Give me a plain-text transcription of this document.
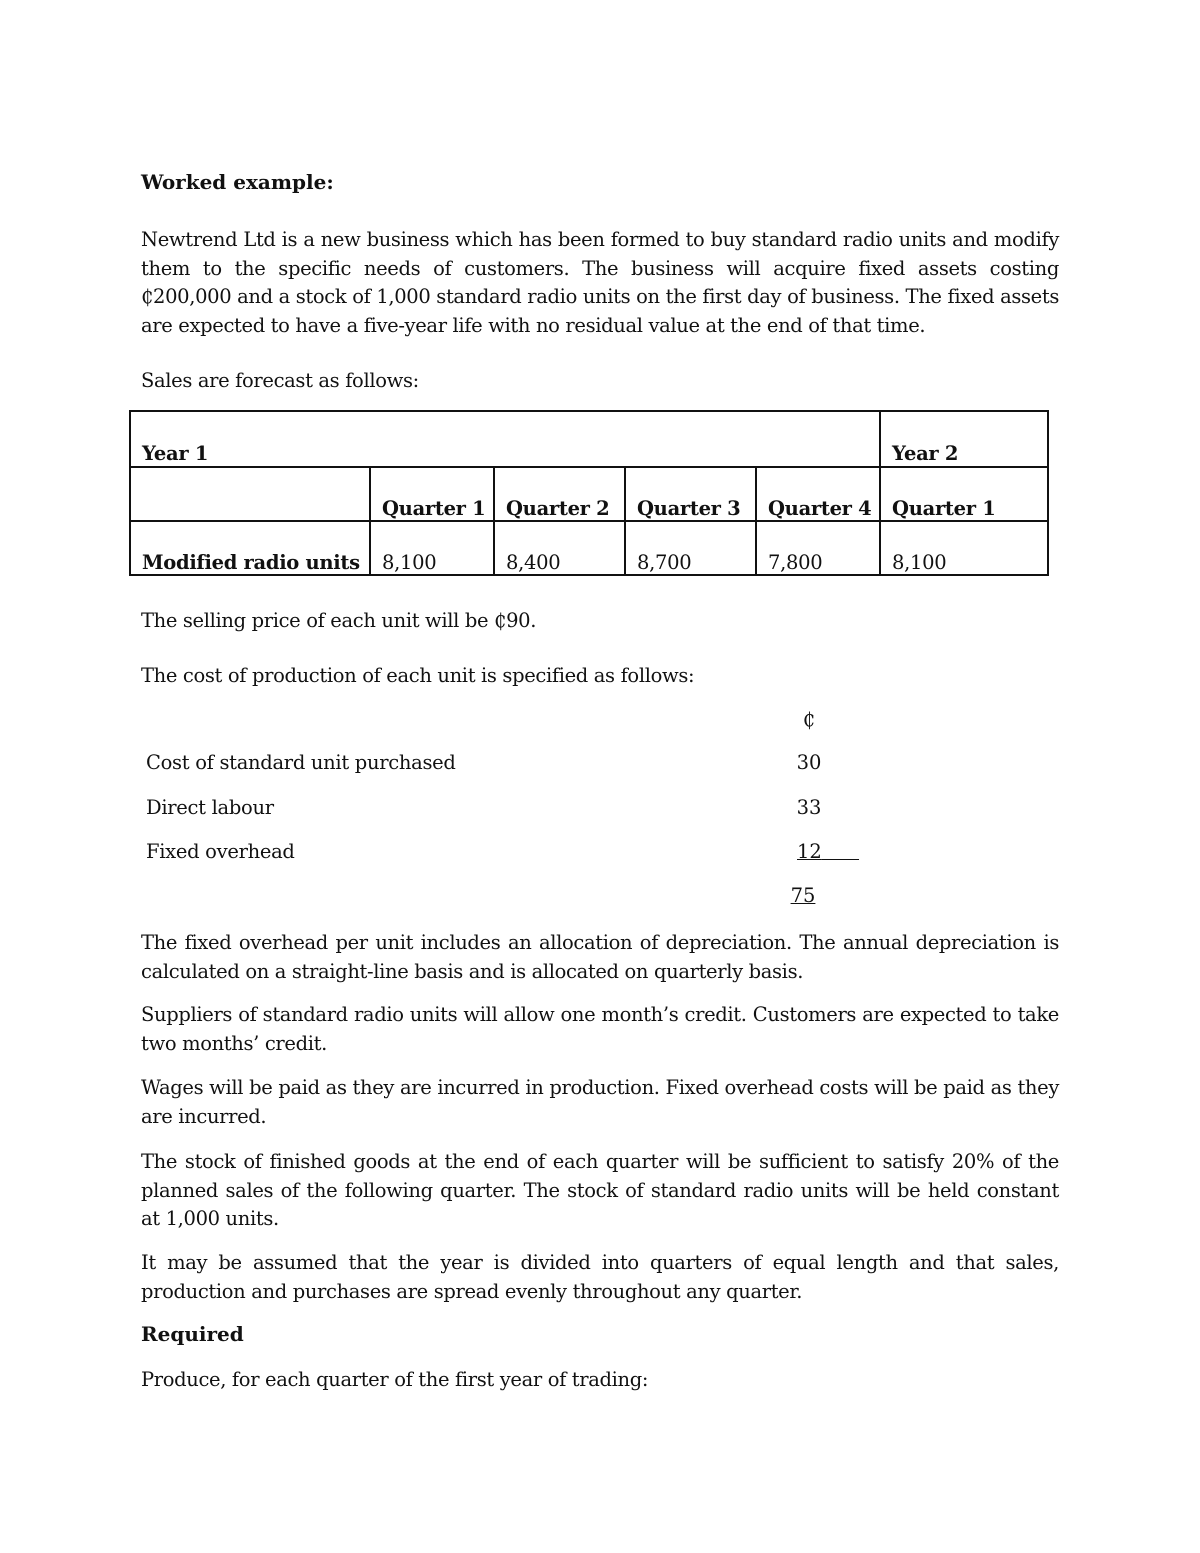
Worked example:
Newtrend Ltd is a new business which has been formed to buy standard radio units and modify them to the specific needs of customers. The business will acquire fixed assets costing ₵200,000 and a stock of 1,000 standard radio units on the first day of business. The fixed assets are expected to have a five-year life with no residual value at the end of that time.
Sales are forecast as follows:
Year 1					Year 2
	Quarter 1	Quarter 2	Quarter 3	Quarter 4	Quarter 1
Modified radio units	8,100	8,400	8,700	7,800	8,100
The selling price of each unit will be ₵90.
The cost of production of each unit is specified as follows:
₵
Cost of standard unit purchased	30
Direct labour	33
Fixed overhead	12
75
The fixed overhead per unit includes an allocation of depreciation. The annual depreciation is calculated on a straight-line basis and is allocated on quarterly basis.
Suppliers of standard radio units will allow one month’s credit. Customers are expected to take two months’ credit.
Wages will be paid as they are incurred in production. Fixed overhead costs will be paid as they are incurred.
The stock of finished goods at the end of each quarter will be sufficient to satisfy 20% of the planned sales of the following quarter. The stock of standard radio units will be held constant at 1,000 units.
It may be assumed that the year is divided into quarters of equal length and that sales, production and purchases are spread evenly throughout any quarter.
Required
Produce, for each quarter of the first year of trading:
